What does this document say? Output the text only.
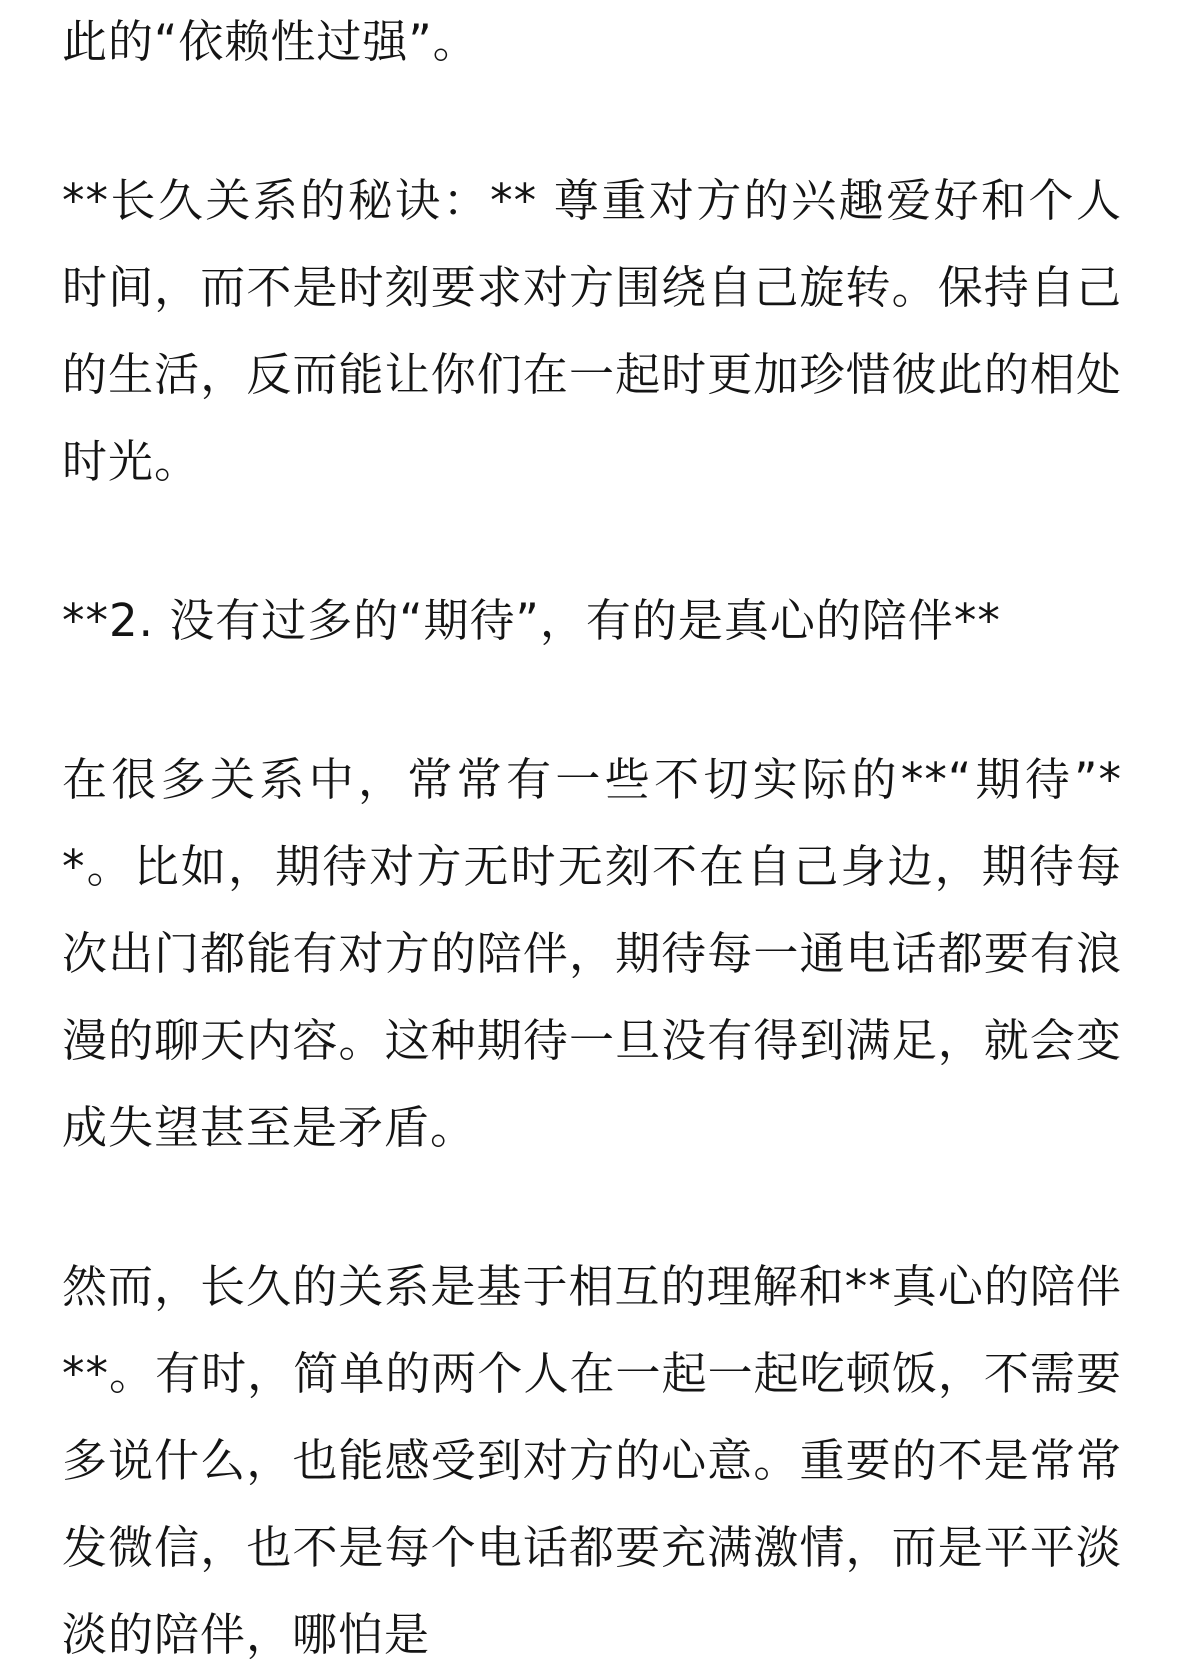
此的“依赖性过强”。

**长久关系的秘诀：** 尊重对方的兴趣爱好和个人时间，而不是时刻要求对方围绕自己旋转。保持自己的生活，反而能让你们在一起时更加珍惜彼此的相处时光。

**2. 没有过多的“期待”，有的是真心的陪伴**

在很多关系中，常常有一些不切实际的**“期待”**。比如，期待对方无时无刻不在自己身边，期待每次出门都能有对方的陪伴，期待每一通电话都要有浪漫的聊天内容。这种期待一旦没有得到满足，就会变成失望甚至是矛盾。

然而，长久的关系是基于相互的理解和**真心的陪伴**。有时，简单的两个人在一起一起吃顿饭，不需要多说什么，也能感受到对方的心意。重要的不是常常发微信，也不是每个电话都要充满激情，而是平平淡淡的陪伴，哪怕是
